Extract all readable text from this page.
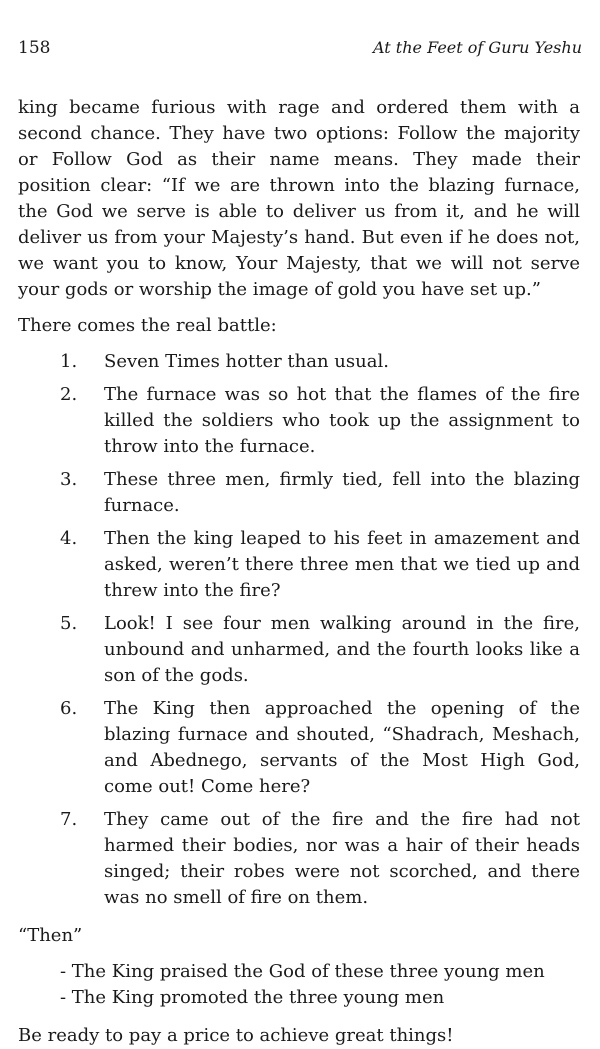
158	At the Feet of Guru Yeshu

king became furious with rage and ordered them with a second chance. They have two options: Follow the majority or Follow God as their name means. They made their position clear: “If we are thrown into the blazing furnace, the God we serve is able to deliver us from it, and he will deliver us from your Majesty’s hand. But even if he does not, we want you to know, Your Majesty, that we will not serve your gods or worship the image of gold you have set up.”

There comes the real battle:

1.	Seven Times hotter than usual.
2.	The furnace was so hot that the flames of the fire killed the soldiers who took up the assignment to throw into the furnace.
3.	These three men, firmly tied, fell into the blazing furnace.
4.	Then the king leaped to his feet in amazement and asked, weren’t there three men that we tied up and threw into the fire?
5.	Look! I see four men walking around in the fire, unbound and unharmed, and the fourth looks like a son of the gods.
6.	The King then approached the opening of the blazing furnace and shouted, “Shadrach, Meshach, and Abednego, servants of the Most High God, come out! Come here?
7.	They came out of the fire and the fire had not harmed their bodies, nor was a hair of their heads singed; their robes were not scorched, and there was no smell of fire on them.

“Then”

- The King praised the God of these three young men
- The King promoted the three young men

Be ready to pay a price to achieve great things!
